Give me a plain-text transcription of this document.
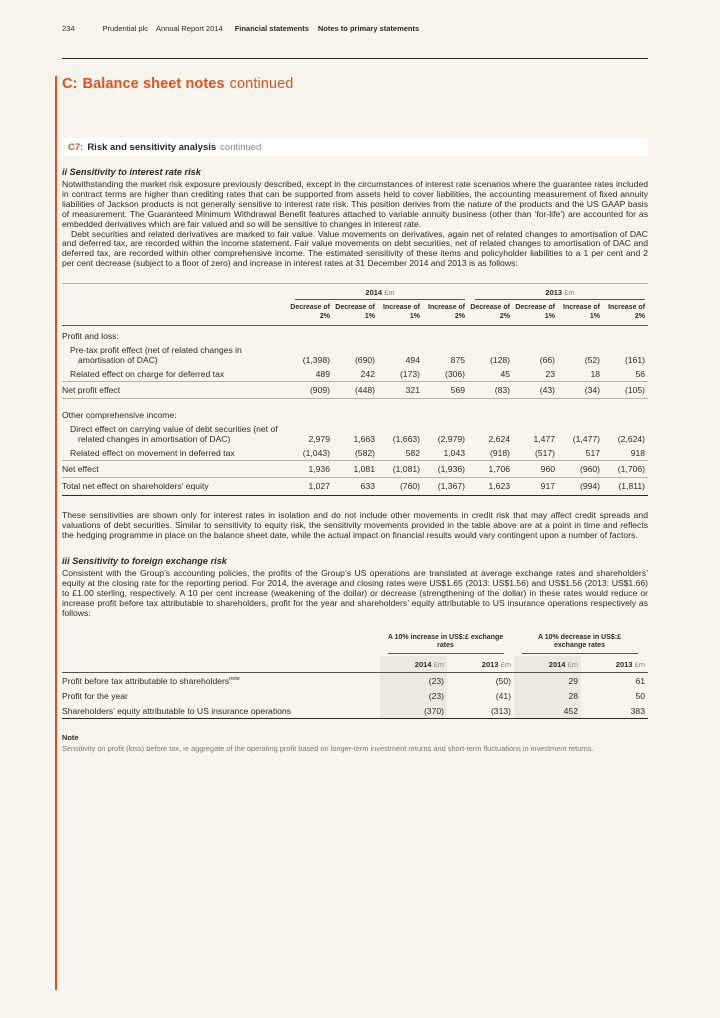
234	Prudential plc Annual Report 2014 Financial statements Notes to primary statements
C: Balance sheet notes continued
C7: Risk and sensitivity analysis continued
ii Sensitivity to interest rate risk

Notwithstanding the market risk exposure previously described, except in the circumstances of interest rate scenarios where the guarantee rates included in contract terms are higher than crediting rates that can be supported from assets held to cover liabilities, the accounting measurement of fixed annuity liabilities of Jackson products is not generally sensitive to interest rate risk. This position derives from the nature of the products and the US GAAP basis of measurement. The Guaranteed Minimum Withdrawal Benefit features attached to variable annuity business (other than ‘for-life’) are accounted for as embedded derivatives which are fair valued and so will be sensitive to changes in interest rate.

Debt securities and related derivatives are marked to fair value. Value movements on derivatives, again net of related changes to amortisation of DAC and deferred tax, are recorded within the income statement. Fair value movements on debt securities, net of related changes to amortisation of DAC and deferred tax, are recorded within other comprehensive income. The estimated sensitivity of these items and policyholder liabilities to a 1 per cent and 2 per cent decrease (subject to a floor of zero) and increase in interest rates at 31 December 2014 and 2013 is as follows:

	2014 £m				2013 £m			

	Decrease of 2%	Decrease of 1%	Increase of 1%	Increase of 2%	Decrease of 2%	Decrease of 1%	Increase of 1%	Increase of 2%
Profit and loss:								
Pre-tax profit effect (net of related changes in amortisation of DAC)	(1,398)	(690)	494	875	(128)	(66)	(52)	(161)
Related effect on charge for deferred tax	489	242	(173)	(306)	45	23	18	56
Net profit effect	(909)	(448)	321	569	(83)	(43)	(34)	(105)

Other comprehensive income:								
Direct effect on carrying value of debt securities (net of related changes in amortisation of DAC)	2,979	1,663	(1,663)	(2,979)	2,624	1,477	(1,477)	(2,624)
Related effect on movement in deferred tax	(1,043)	(582)	582	1,043	(918)	(517)	517	918
Net effect	1,936	1,081	(1,081)	(1,936)	1,706	960	(960)	(1,706)
Total net effect on shareholders’ equity	1,027	633	(760)	(1,367)	1,623	917	(994)	(1,811)

These sensitivities are shown only for interest rates in isolation and do not include other movements in credit risk that may affect credit spreads and valuations of debt securities. Similar to sensitivity to equity risk, the sensitivity movements provided in the table above are at a point in time and reflects the hedging programme in place on the balance sheet date, while the actual impact on financial results would vary contingent upon a number of factors.

iii Sensitivity to foreign exchange risk

Consistent with the Group’s accounting policies, the profits of the Group’s US operations are translated at average exchange rates and shareholders’ equity at the closing rate for the reporting period. For 2014, the average and closing rates were US$1.65 (2013: US$1.56) and US$1.56 (2013: US$1.66) to £1.00 sterling, respectively. A 10 per cent increase (weakening of the dollar) or decrease (strengthening of the dollar) in these rates would reduce or increase profit before tax attributable to shareholders, profit for the year and shareholders’ equity attributable to US insurance operations respectively as follows:

	A 10% increase in US$:£ exchange rates		A 10% decrease in US$:£ exchange rates	

	2014 £m	2013 £m	2014 £m	2013 £m
Profit before tax attributable to shareholders$^{note}$	(23)	(50)	29	61
Profit for the year	(23)	(41)	28	50
Shareholders’ equity attributable to US insurance operations	(370)	(313)	452	383
Note
Sensitivity on profit (loss) before tax, ie aggregate of the operating profit based on longer-term investment returns and short-term fluctuations in investment returns.
